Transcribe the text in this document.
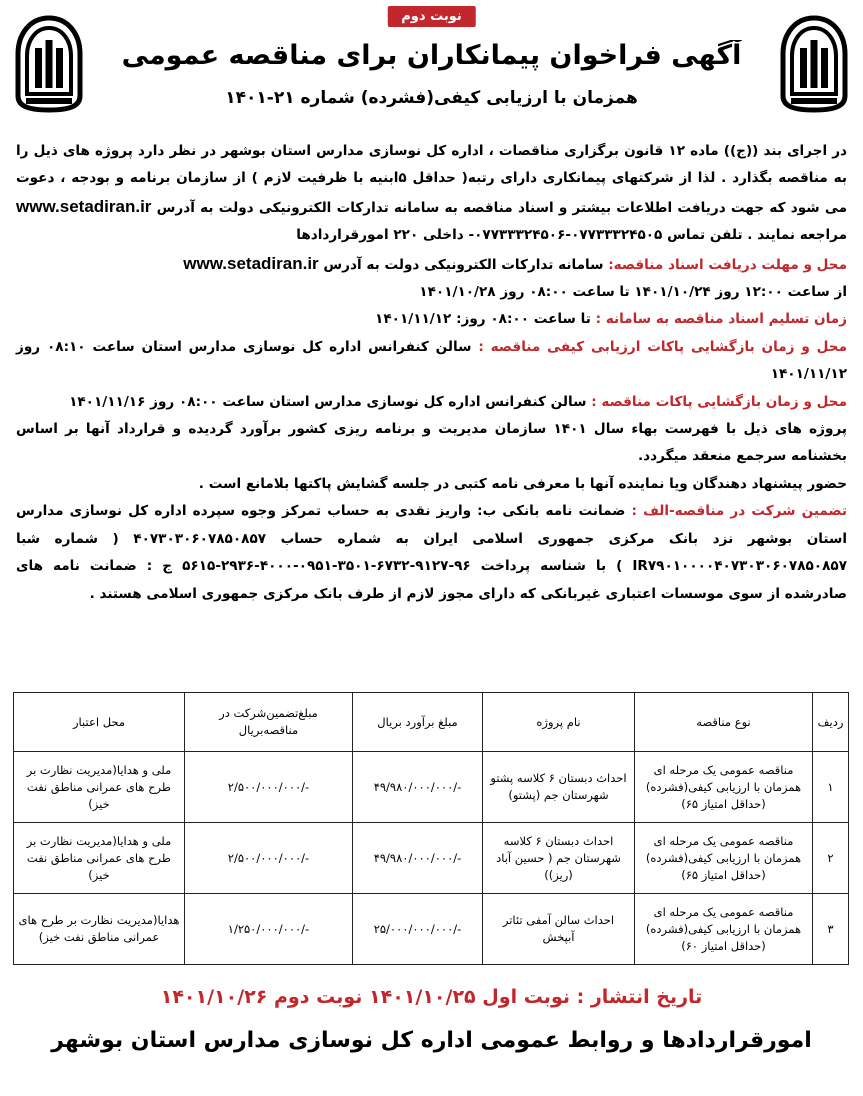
نوبت دوم
آگهی فراخوان پیمانکاران برای مناقصه عمومی
همزمان با ارزیابی کیفی(فشرده) شماره ۲۱-۱۴۰۱

در اجرای بند ((ج)) ماده ۱۲ قانون برگزاری مناقصات ، اداره کل نوسازی مدارس استان بوشهر در نظر دارد پروژه های ذیل را به مناقصه بگذارد . لذا از شرکتهای پیمانکاری دارای رتبه( حداقل ۵ابنیه با ظرفیت لازم ) از سازمان برنامه و بودجه ، دعوت می شود که جهت دریافت اطلاعات بیشتر و اسناد مناقصه به سامانه تدارکات الکترونیکی دولت به آدرس www.setadiran.ir مراجعه نمایند . تلفن تماس ۰۷۷۳۳۳۲۴۵۰۵-۰۷۷۳۳۳۲۴۵۰۶- داخلی ۲۲۰ امورقراردادها

محل و مهلت دریافت اسناد مناقصه: سامانه تدارکات الکترونیکی دولت به آدرس www.setadiran.ir

از ساعت ۱۲:۰۰ روز ۱۴۰۱/۱۰/۲۴ تا ساعت ۰۸:۰۰ روز ۱۴۰۱/۱۰/۲۸

زمان تسلیم اسناد مناقصه به سامانه : تا ساعت ۰۸:۰۰ روز: ۱۴۰۱/۱۱/۱۲

محل و زمان بازگشایی پاکات ارزیابی کیفی مناقصه : سالن کنفرانس اداره کل نوسازی مدارس استان ساعت ۰۸:۱۰ روز ۱۴۰۱/۱۱/۱۲

محل و زمان بازگشایی پاکات مناقصه : سالن کنفرانس اداره کل نوسازی مدارس استان ساعت ۰۸:۰۰ روز ۱۴۰۱/۱۱/۱۶

پروژه های ذیل با فهرست بهاء سال ۱۴۰۱ سازمان مدیریت و برنامه ریزی کشور برآورد گردیده و قرارداد آنها بر اساس بخشنامه سرجمع منعقد میگردد.

حضور پیشنهاد دهندگان ویا نماینده آنها با معرفی نامه کتبی در جلسه گشایش پاکتها بلامانع است .

تضمین شرکت در مناقصه-الف : ضمانت نامه بانکی ب: واریز نقدی به حساب تمرکز وجوه سپرده اداره کل نوسازی مدارس استان بوشهر نزد بانک مرکزی جمهوری اسلامی ایران به شماره حساب ۴۰۷۳۰۳۰۶۰۷۸۵۰۸۵۷ ( شماره شبا IR۷۹۰۱۰۰۰۰۴۰۷۳۰۳۰۶۰۷۸۵۰۸۵۷ ) با شناسه پرداخت ۹۶-۹۱۲۷-۶۷۳۲-۳۵۰۱-۰۹۵۱-۴۰۰۰-۲۹۳۶-۵۶۱۵ ج : ضمانت نامه های صادرشده از سوی موسسات اعتباری غیربانکی که دارای مجوز لازم از طرف بانک مرکزی جمهوری اسلامی هستند .

ردیف	نوع مناقصه	نام پروژه	مبلغ برآورد بریال	مبلغ‌تضمین‌شرکت در مناقصه‌بریال	محل اعتبار
۱	مناقصه عمومی یک مرحله ای همزمان با ارزیابی کیفی(فشرده) (حداقل امتیاز ۶۵)	احداث دبستان ۶ کلاسه پشتو شهرستان جم (پشتو)	۴۹/۹۸۰/۰۰۰/۰۰۰/-	۲/۵۰۰/۰۰۰/۰۰۰/-	ملی و هدایا(مدیریت نظارت بر طرح های عمرانی مناطق نفت خیز)
۲	مناقصه عمومی یک مرحله ای همزمان با ارزیابی کیفی(فشرده) (حداقل امتیاز ۶۵)	احداث دبستان ۶ کلاسه شهرستان جم ( حسین آباد (ریز))	۴۹/۹۸۰/۰۰۰/۰۰۰/-	۲/۵۰۰/۰۰۰/۰۰۰/-	ملی و هدایا(مدیریت نظارت بر طرح های عمرانی مناطق نفت خیز)
۳	مناقصه عمومی یک مرحله ای همزمان با ارزیابی کیفی(فشرده) (حداقل امتیاز ۶۰)	احداث سالن آمفی تئاتر آبپخش	۲۵/۰۰۰/۰۰۰/۰۰۰/-	۱/۲۵۰/۰۰۰/۰۰۰/-	هدایا(مدیریت نظارت بر طرح های عمرانی مناطق نفت خیز)
تاریخ انتشار : نوبت اول ۱۴۰۱/۱۰/۲۵ نوبت دوم ۱۴۰۱/۱۰/۲۶
امورقراردادها و روابط عمومی اداره کل نوسازی مدارس استان بوشهر
